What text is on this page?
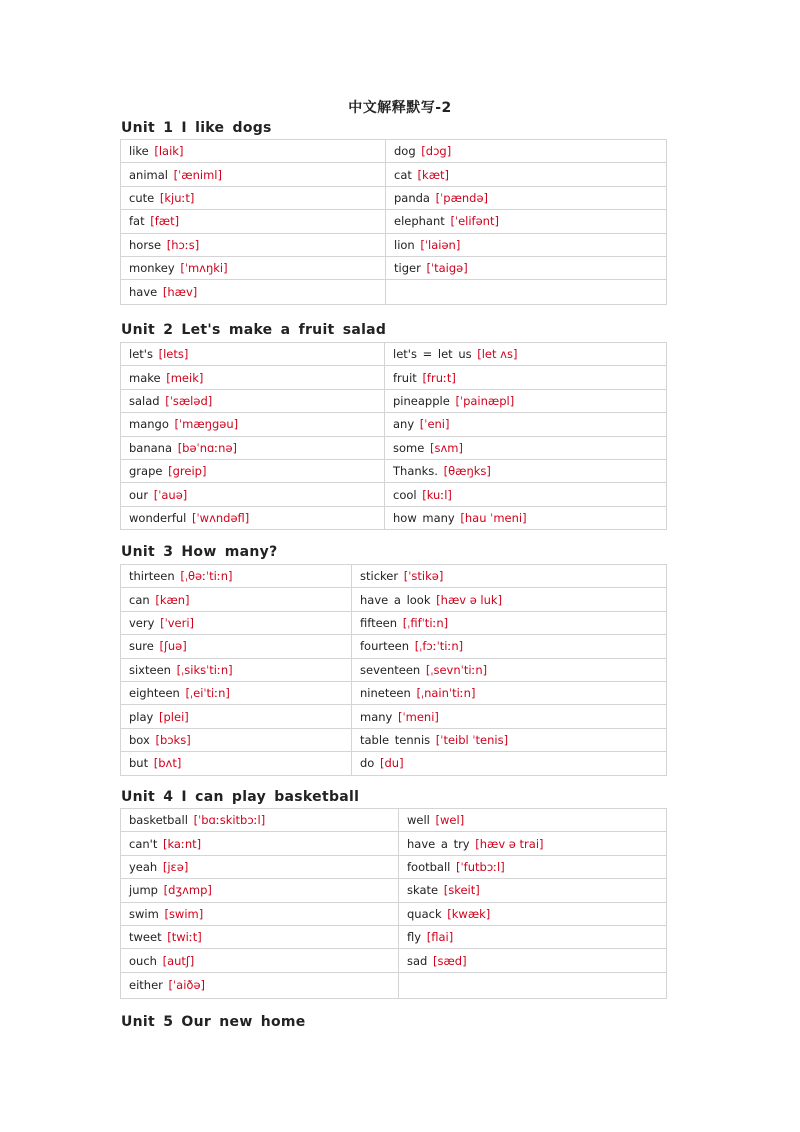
中文解释默写-2
Unit 1 I like dogs
like [laik]	dog [dɔg]
animal [ˈæniml]	cat [kæt]
cute [kjuːt]	panda [ˈpændə]
fat [fæt]	elephant [ˈelifənt]
horse [hɔːs]	lion [ˈlaiən]
monkey [ˈmʌŋki]	tiger [ˈtaigə]
have [hæv]	
Unit 2 Let's make a fruit salad
let's [lets]	let's = let us [let ʌs]
make [meik]	fruit [fruːt]
salad [ˈsæləd]	pineapple [ˈpainæpl]
mango [ˈmæŋgəu]	any [ˈeni]
banana [bəˈnɑːnə]	some [sʌm]
grape [greip]	Thanks. [θæŋks]
our [ˈauə]	cool [kuːl]
wonderful [ˈwʌndəfl]	how many [hau ˈmeni]
Unit 3 How many?
thirteen [ˌθəːˈtiːn]	sticker [ˈstikə]
can [kæn]	have a look [hæv ə luk]
very [ˈveri]	fifteen [ˌfifˈtiːn]
sure [ʃuə]	fourteen [ˌfɔːˈtiːn]
sixteen [ˌsiksˈtiːn]	seventeen [ˌsevnˈtiːn]
eighteen [ˌeiˈtiːn]	nineteen [ˌnainˈtiːn]
play [plei]	many [ˈmeni]
box [bɔks]	table tennis [ˈteibl ˈtenis]
but [bʌt]	do [du]
Unit 4 I can play basketball
basketball [ˈbɑːskitbɔːl]	well [wel]
can't [kaːnt]	have a try [hæv ə trai]
yeah [jɛə]	football [ˈfutbɔːl]
jump [dʒʌmp]	skate [skeit]
swim [swim]	quack [kwæk]
tweet [twiːt]	fly [flai]
ouch [autʃ]	sad [sæd]
either [ˈaiðə]	
Unit 5 Our new home
